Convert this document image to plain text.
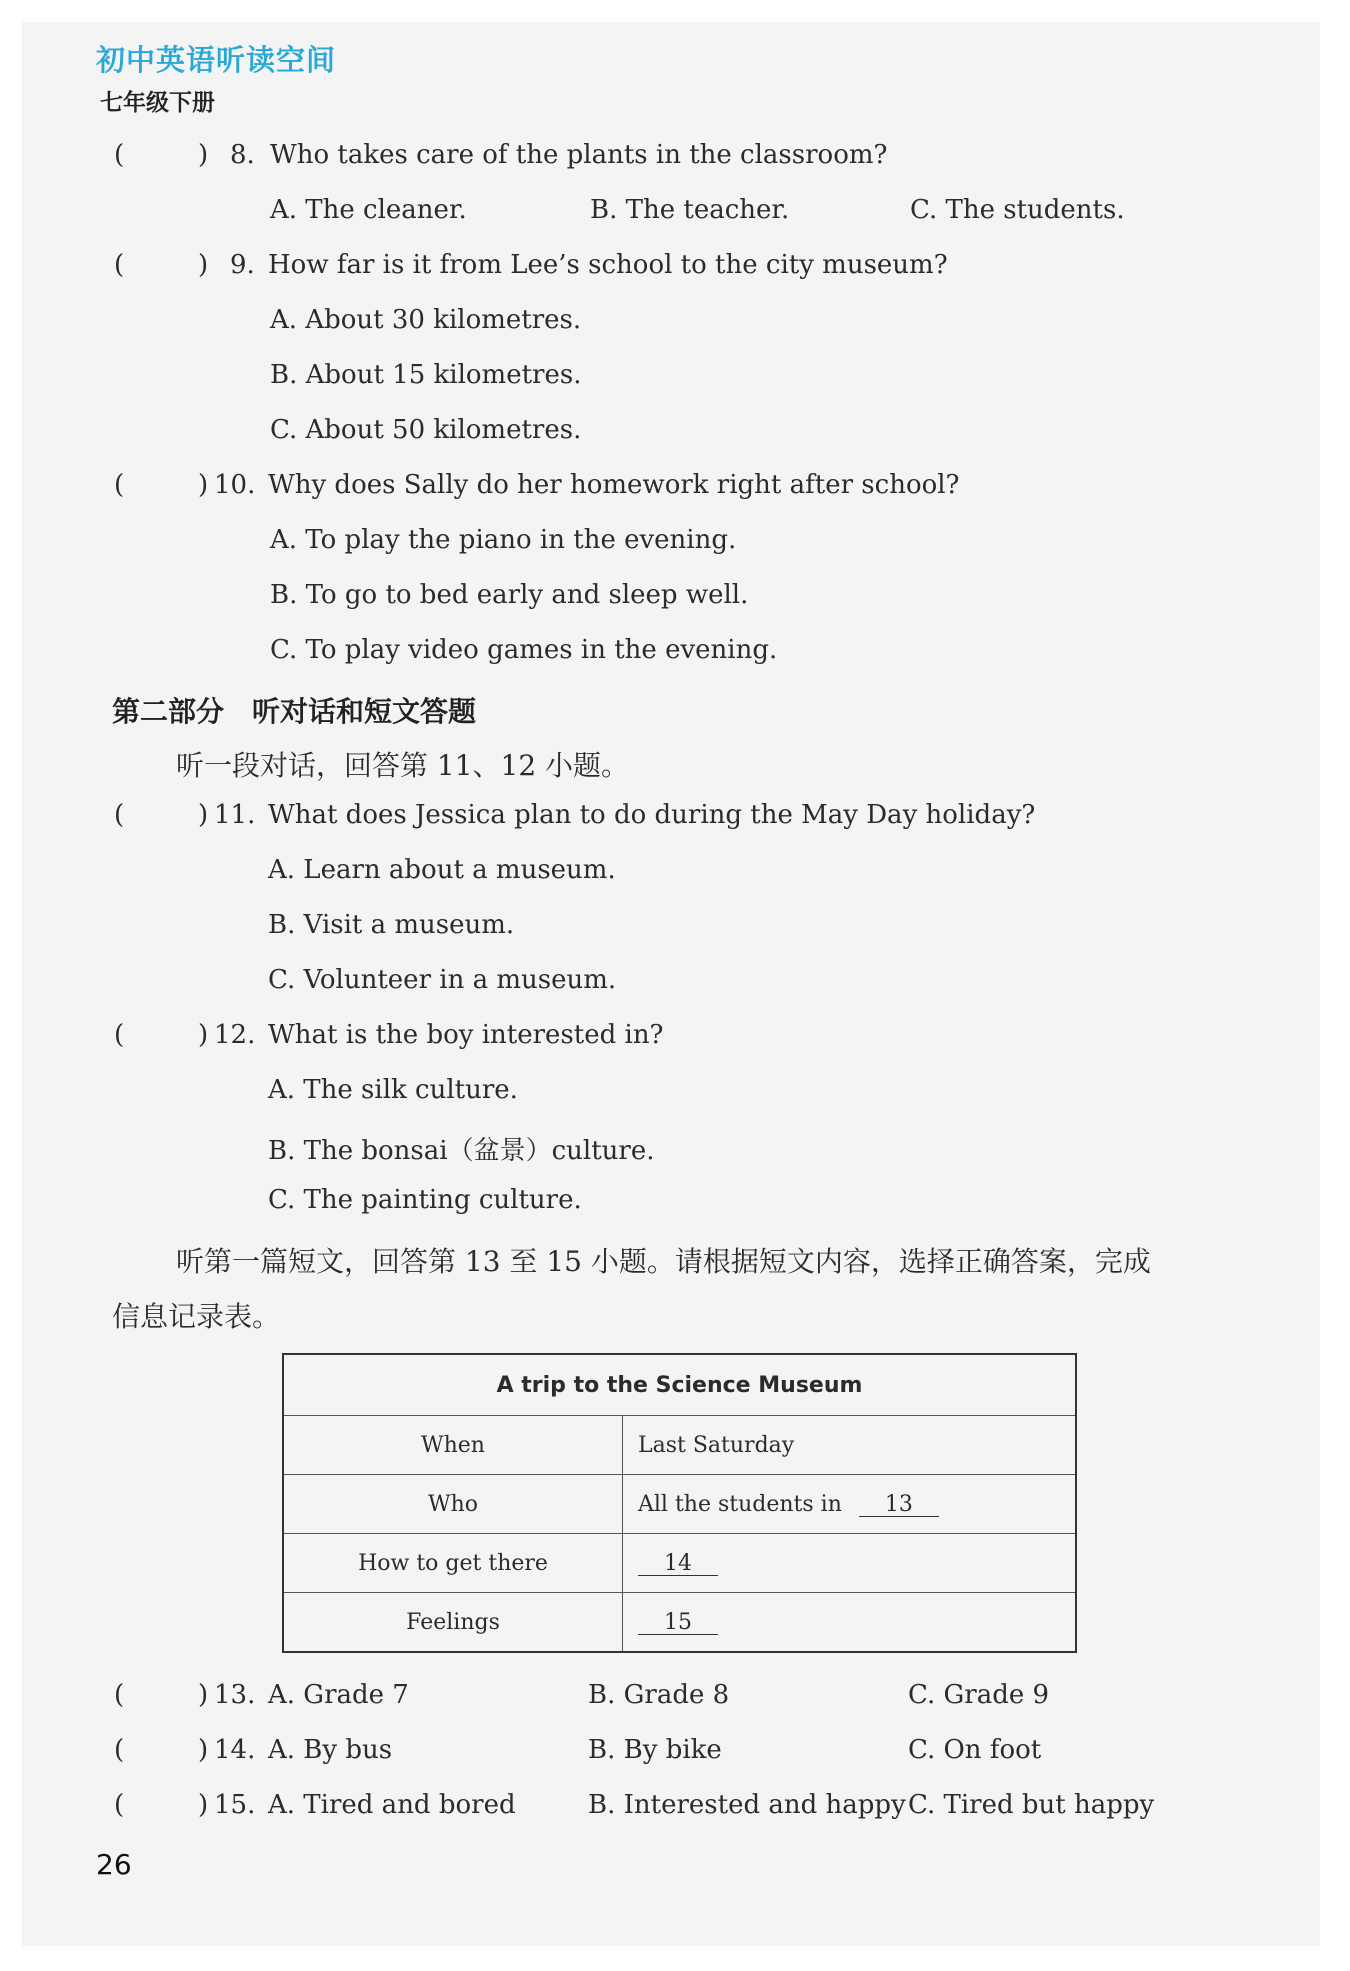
初中英语听读空间
七年级下册
(	) 8. Who takes care of the plants in the classroom?
A. The cleaner.	B. The teacher.	C. The students.
(	) 9. How far is it from Lee’s school to the city museum?
A. About 30 kilometres.
B. About 15 kilometres.
C. About 50 kilometres.
(	) 10. Why does Sally do her homework right after school?
A. To play the piano in the evening.
B. To go to bed early and sleep well.
C. To play video games in the evening.
第二部分　听对话和短文答题
听一段对话，回答第 11、12 小题。
(	) 11. What does Jessica plan to do during the May Day holiday?
A. Learn about a museum.
B. Visit a museum.
C. Volunteer in a museum.
(	) 12. What is the boy interested in?
A. The silk culture.
B. The bonsai（盆景）culture.
C. The painting culture.
听第一篇短文，回答第 13 至 15 小题。请根据短文内容，选择正确答案，完成
信息记录表。
A trip to the Science Museum	
When	Last Saturday
Who	All the students in 13
How to get there	14
Feelings	15
(	) 13. A. Grade 7	B. Grade 8	C. Grade 9
(	) 14. A. By bus	B. By bike	C. On foot
(	) 15. A. Tired and bored	B. Interested and happy C. Tired but happy
26
